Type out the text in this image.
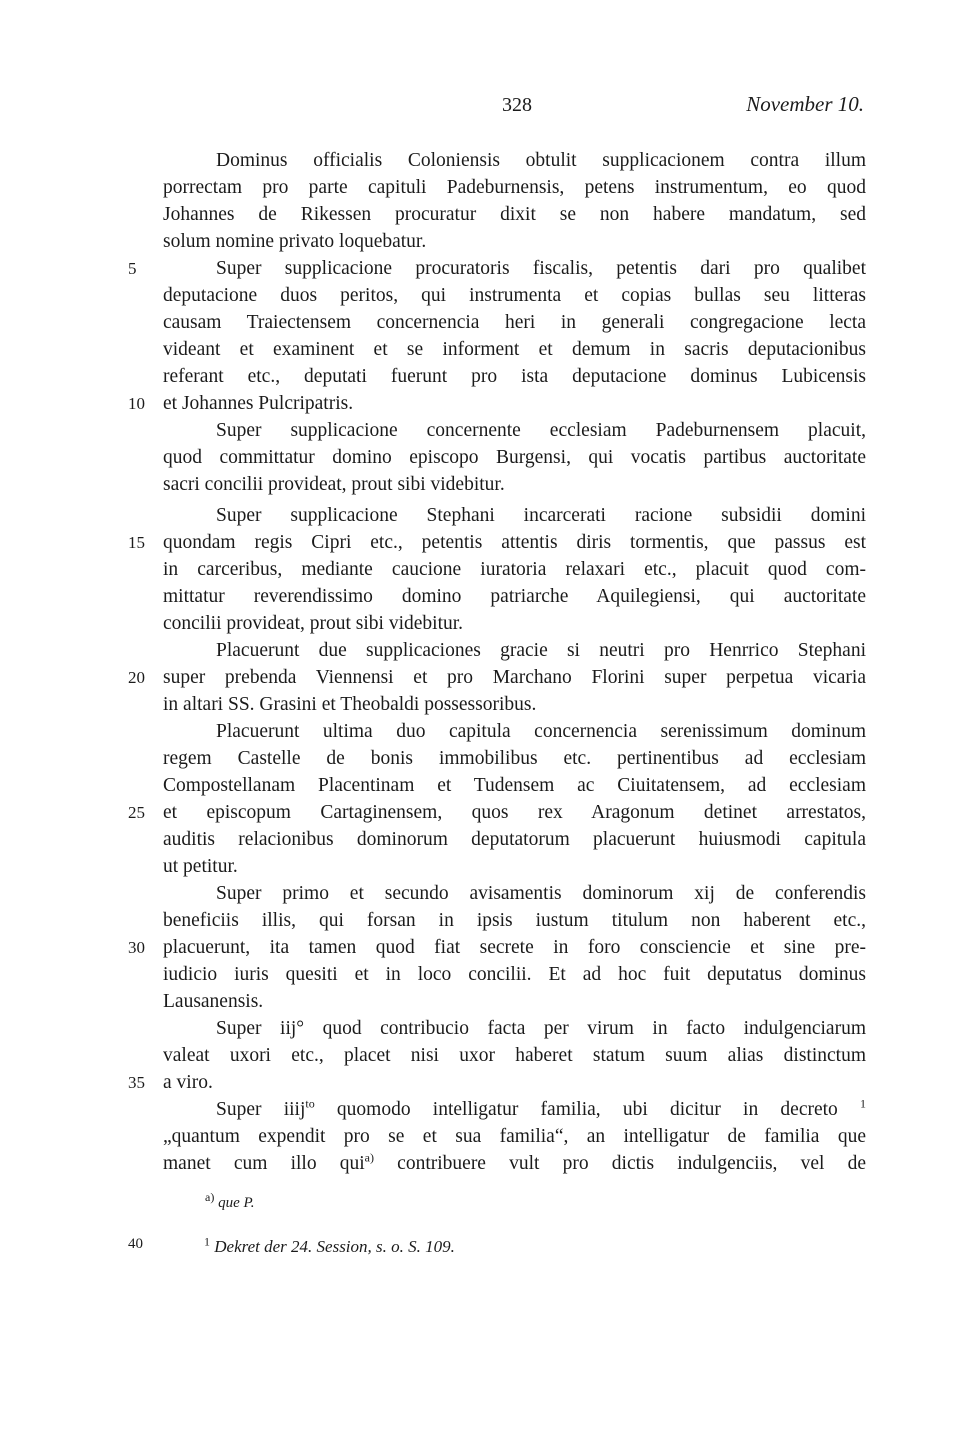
328	November 10.
Dominus officialis Coloniensis obtulit supplicacionem contra illum
porrectam pro parte capituli Padeburnensis, petens instrumentum, eo quod
Johannes de Rikessen procuratur dixit se non habere mandatum, sed
solum nomine privato loquebatur.
5	Super supplicacione procuratoris fiscalis, petentis dari pro qualibet
deputacione duos peritos, qui instrumenta et copias bullas seu litteras
causam Traiectensem concernencia heri in generali congregacione lecta
videant et examinent et se informent et demum in sacris deputacionibus
referant etc., deputati fuerunt pro ista deputacione dominus Lubicensis
10 et Johannes Pulcripatris.
Super supplicacione concernente ecclesiam Padeburnensem placuit,
quod committatur domino episcopo Burgensi, qui vocatis partibus auctoritate
sacri concilii provideat, prout sibi videbitur.
Super supplicacione Stephani incarcerati racione subsidii domini
15 quondam regis Cipri etc., petentis attentis diris tormentis, que passus est
in carceribus, mediante caucione iuratoria relaxari etc., placuit quod com-
mittatur reverendissimo domino patriarche Aquilegiensi, qui auctoritate
concilii provideat, prout sibi videbitur.
Placuerunt due supplicaciones gracie si neutri pro Henrrico Stephani
20 super prebenda Viennensi et pro Marchano Florini super perpetua vicaria
in altari SS. Grasini et Theobaldi possessoribus.
Placuerunt ultima duo capitula concernencia serenissimum dominum
regem Castelle de bonis immobilibus etc. pertinentibus ad ecclesiam
Compostellanam Placentinam et Tudensem ac Ciuitatensem, ad ecclesiam
25 et episcopum Cartaginensem, quos rex Aragonum detinet arrestatos,
auditis relacionibus dominorum deputatorum placuerunt huiusmodi capitula
ut petitur.
Super primo et secundo avisamentis dominorum xij de conferendis
beneficiis illis, qui forsan in ipsis iustum titulum non haberent etc.,
30 placuerunt, ita tamen quod fiat secrete in foro consciencie et sine pre-
iudicio iuris quesiti et in loco concilii. Et ad hoc fuit deputatus dominus
Lausanensis.
Super iij° quod contribucio facta per virum in facto indulgenciarum
valeat uxori etc., placet nisi uxor haberet statum suum alias distinctum
35 a viro.
Super iiij$^{to}$ quomodo intelligatur familia, ubi dicitur in decreto $^1$
„quantum expendit pro se et sua familia“, an intelligatur de familia que
manet cum illo qui$^{a)}$ contribuere vult pro dictis indulgenciis, vel de
$^{a)}$ que P.
40	$^1$ Dekret der 24. Session, s. o. S. 109.
